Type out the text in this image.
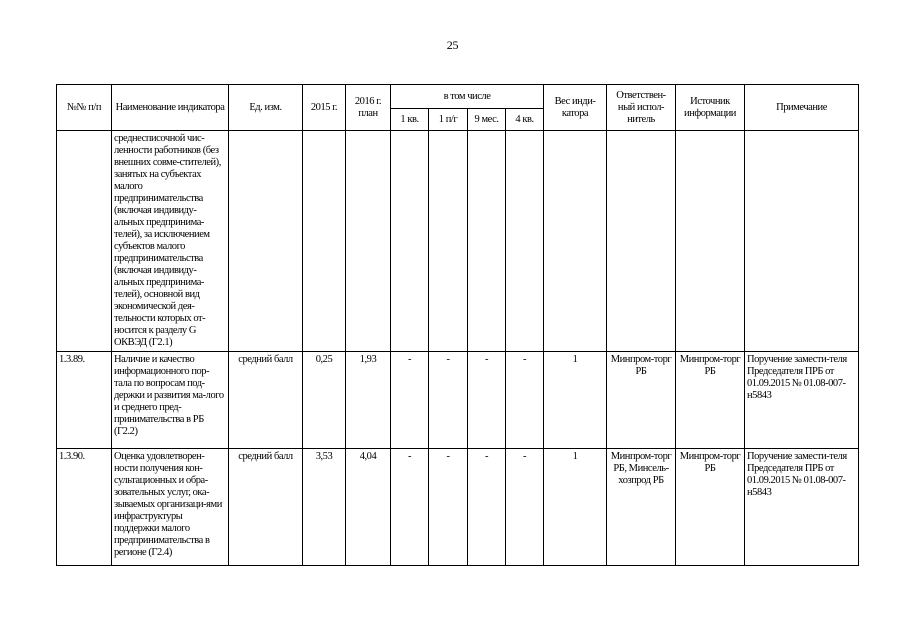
25
№№ п/п	Наименование индикатора	Ед. изм.	2015 г.	2016 г. план	в том числе				Вес инди-катора	Ответствен-ный испол-нитель	Источник информации	Примечание
					1 кв.	1 п/г	9 мес.	4 кв.				
	среднесписочной чис-ленности работников (без внешних совме-стителей), занятых на субъектах малого предпринимательства (включая индивиду-альных предпринима-телей), за исключением субъектов малого предпринимательства (включая индивиду-альных предпринима-телей), основной вид экономической дея-тельности которых от-носится к разделу G ОКВЭД (Г2.1)											
1.3.89.	Наличие и качество информационного пор-тала по вопросам под-держки и развития ма-лого и среднего пред-принимательства в РБ (Г2.2)	средний балл	0,25	1,93	-	-	-	-	1	Минпром-торг РБ	Минпром-торг РБ	Поручение замести-теля Председателя ПРБ от 01.09.2015 № 01.08-007-н5843
1.3.90.	Оценка удовлетворен-ности получения кон-сультационных и обра-зовательных услуг, ока-зываемых организаци-ями инфраструктуры поддержки малого предпринимательства в регионе (Г2.4)	средний балл	3,53	4,04	-	-	-	-	1	Минпром-торг РБ, Минсель-хозпрод РБ	Минпром-торг РБ	Поручение замести-теля Председателя ПРБ от 01.09.2015 № 01.08-007-н5843
